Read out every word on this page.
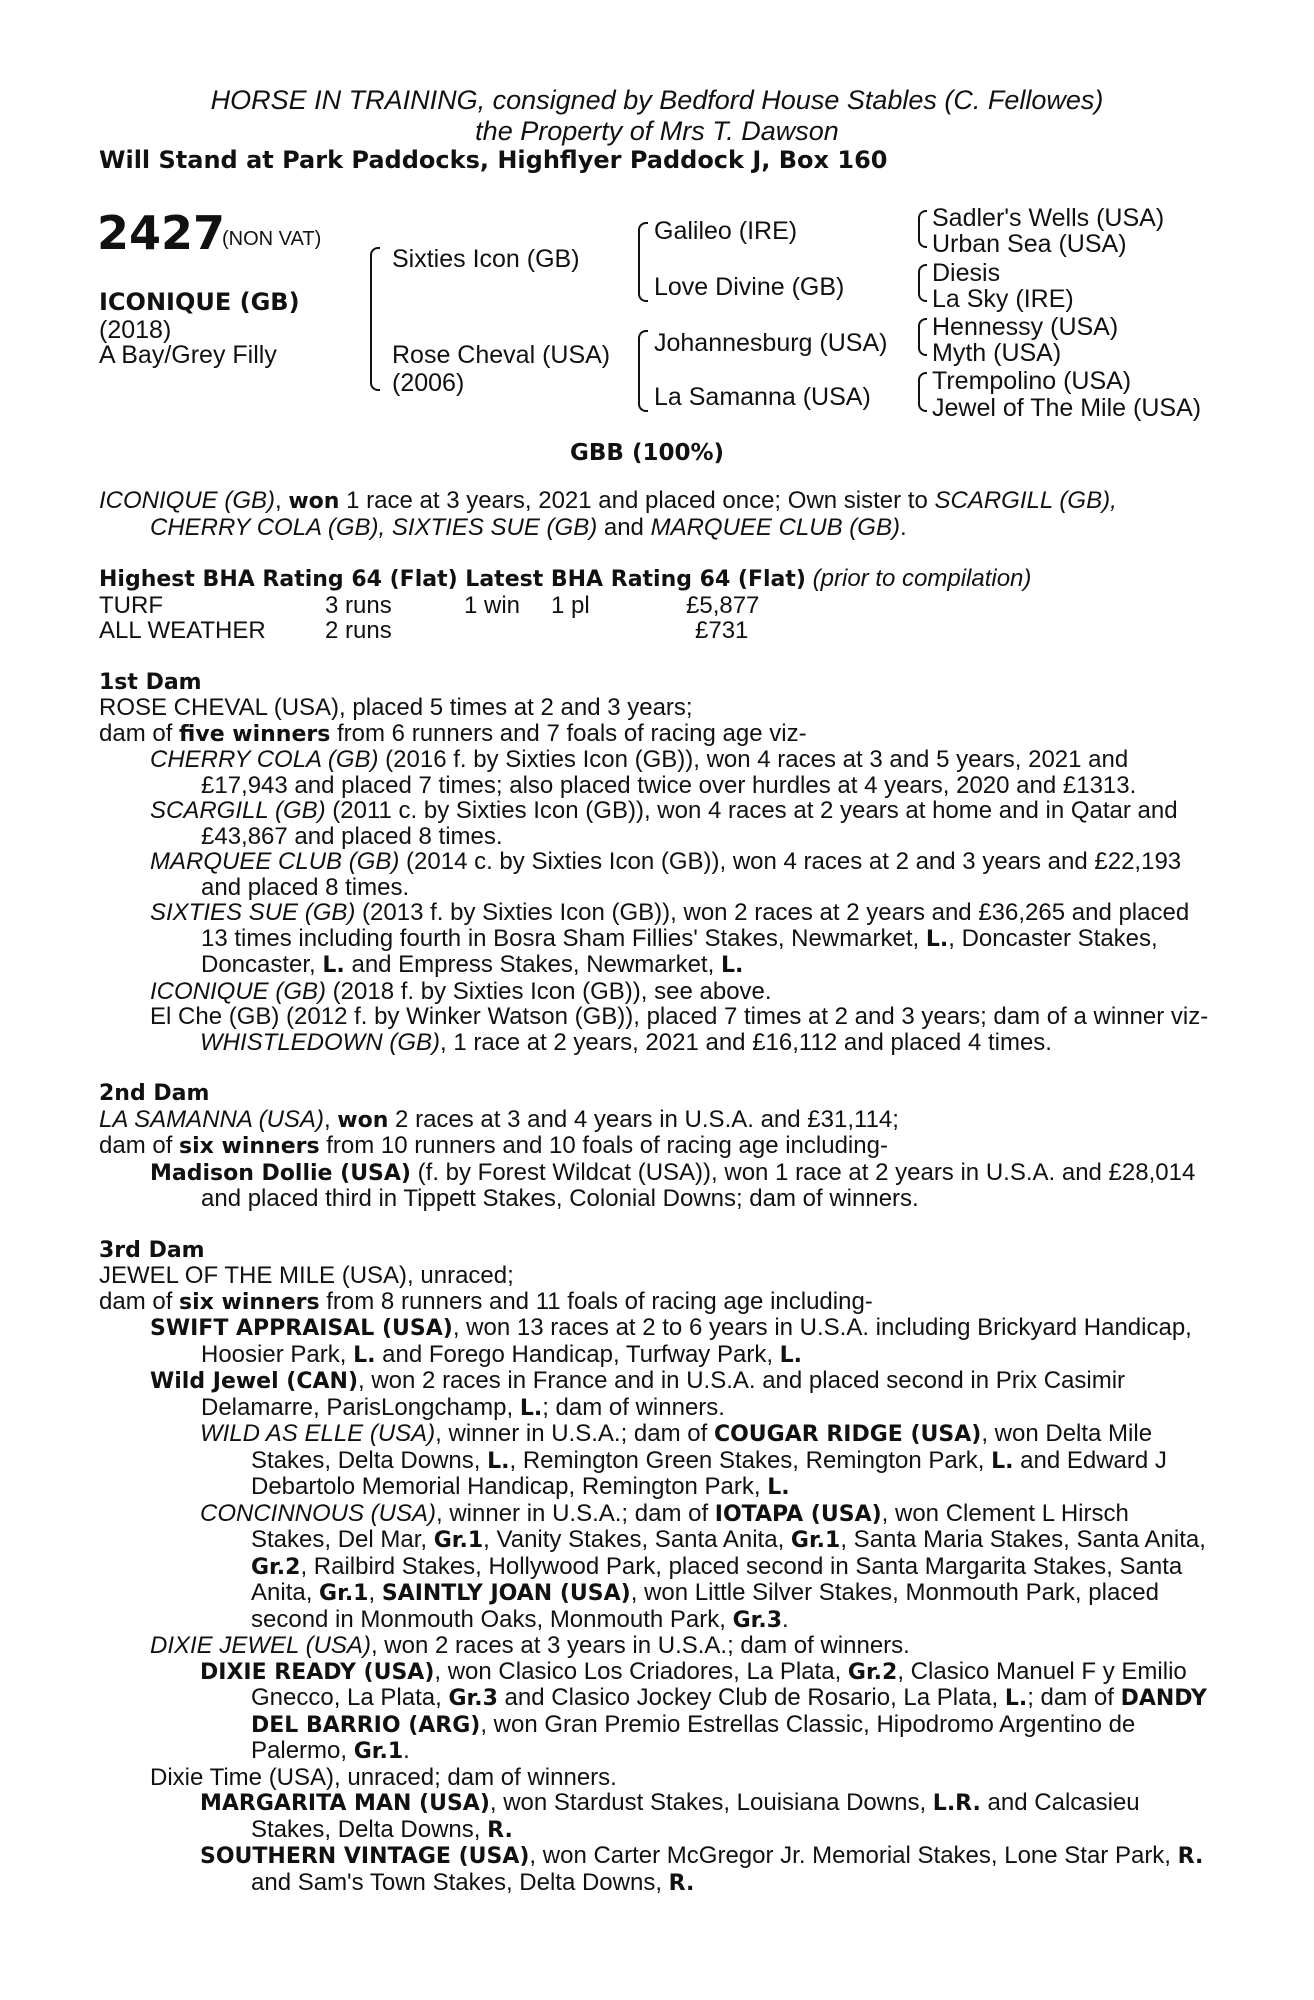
HORSE IN TRAINING, consigned by Bedford House Stables (C. Fellowes)
the Property of Mrs T. Dawson
Will Stand at Park Paddocks, Highflyer Paddock J, Box 160
2427
(NON VAT)
ICONIQUE (GB)
(2018)
A Bay/Grey Filly
Sixties Icon (GB)
Rose Cheval (USA)
(2006)
Galileo (IRE)
Love Divine (GB)
Johannesburg (USA)
La Samanna (USA)
Sadler's Wells (USA)
Urban Sea (USA)
Diesis
La Sky (IRE)
Hennessy (USA)
Myth (USA)
Trempolino (USA)
Jewel of The Mile (USA)
GBB (100%)

ICONIQUE (GB), won 1 race at 3 years, 2021 and placed once; Own sister to SCARGILL (GB), CHERRY COLA (GB), SIXTIES SUE (GB) and MARQUEE CLUB (GB).

Highest BHA Rating 64 (Flat) Latest BHA Rating 64 (Flat) (prior to compilation)

TURF	3 runs	1 win 1 pl	£5,877
ALL WEATHER 2 runs	£731

1st Dam

ROSE CHEVAL (USA), placed 5 times at 2 and 3 years;

dam of five winners from 6 runners and 7 foals of racing age viz-

CHERRY COLA (GB) (2016 f. by Sixties Icon (GB)), won 4 races at 3 and 5 years, 2021 and £17,943 and placed 7 times; also placed twice over hurdles at 4 years, 2020 and £1313.

SCARGILL (GB) (2011 c. by Sixties Icon (GB)), won 4 races at 2 years at home and in Qatar and £43,867 and placed 8 times.

MARQUEE CLUB (GB) (2014 c. by Sixties Icon (GB)), won 4 races at 2 and 3 years and £22,193 and placed 8 times.

SIXTIES SUE (GB) (2013 f. by Sixties Icon (GB)), won 2 races at 2 years and £36,265 and placed 13 times including fourth in Bosra Sham Fillies' Stakes, Newmarket, L., Doncaster Stakes, Doncaster, L. and Empress Stakes, Newmarket, L.

ICONIQUE (GB) (2018 f. by Sixties Icon (GB)), see above.

El Che (GB) (2012 f. by Winker Watson (GB)), placed 7 times at 2 and 3 years; dam of a winner viz-

WHISTLEDOWN (GB), 1 race at 2 years, 2021 and £16,112 and placed 4 times.

2nd Dam

LA SAMANNA (USA), won 2 races at 3 and 4 years in U.S.A. and £31,114;

dam of six winners from 10 runners and 10 foals of racing age including-

Madison Dollie (USA) (f. by Forest Wildcat (USA)), won 1 race at 2 years in U.S.A. and £28,014 and placed third in Tippett Stakes, Colonial Downs; dam of winners.

3rd Dam

JEWEL OF THE MILE (USA), unraced;

dam of six winners from 8 runners and 11 foals of racing age including-

SWIFT APPRAISAL (USA), won 13 races at 2 to 6 years in U.S.A. including Brickyard Handicap, Hoosier Park, L. and Forego Handicap, Turfway Park, L.

Wild Jewel (CAN), won 2 races in France and in U.S.A. and placed second in Prix Casimir Delamarre, ParisLongchamp, L.; dam of winners.

WILD AS ELLE (USA), winner in U.S.A.; dam of COUGAR RIDGE (USA), won Delta Mile Stakes, Delta Downs, L., Remington Green Stakes, Remington Park, L. and Edward J Debartolo Memorial Handicap, Remington Park, L.

CONCINNOUS (USA), winner in U.S.A.; dam of IOTAPA (USA), won Clement L Hirsch Stakes, Del Mar, Gr.1, Vanity Stakes, Santa Anita, Gr.1, Santa Maria Stakes, Santa Anita, Gr.2, Railbird Stakes, Hollywood Park, placed second in Santa Margarita Stakes, Santa Anita, Gr.1, SAINTLY JOAN (USA), won Little Silver Stakes, Monmouth Park, placed second in Monmouth Oaks, Monmouth Park, Gr.3.

DIXIE JEWEL (USA), won 2 races at 3 years in U.S.A.; dam of winners.

DIXIE READY (USA), won Clasico Los Criadores, La Plata, Gr.2, Clasico Manuel F y Emilio Gnecco, La Plata, Gr.3 and Clasico Jockey Club de Rosario, La Plata, L.; dam of DANDY DEL BARRIO (ARG), won Gran Premio Estrellas Classic, Hipodromo Argentino de Palermo, Gr.1.

Dixie Time (USA), unraced; dam of winners.

MARGARITA MAN (USA), won Stardust Stakes, Louisiana Downs, L.R. and Calcasieu Stakes, Delta Downs, R.

SOUTHERN VINTAGE (USA), won Carter McGregor Jr. Memorial Stakes, Lone Star Park, R. and Sam's Town Stakes, Delta Downs, R.
